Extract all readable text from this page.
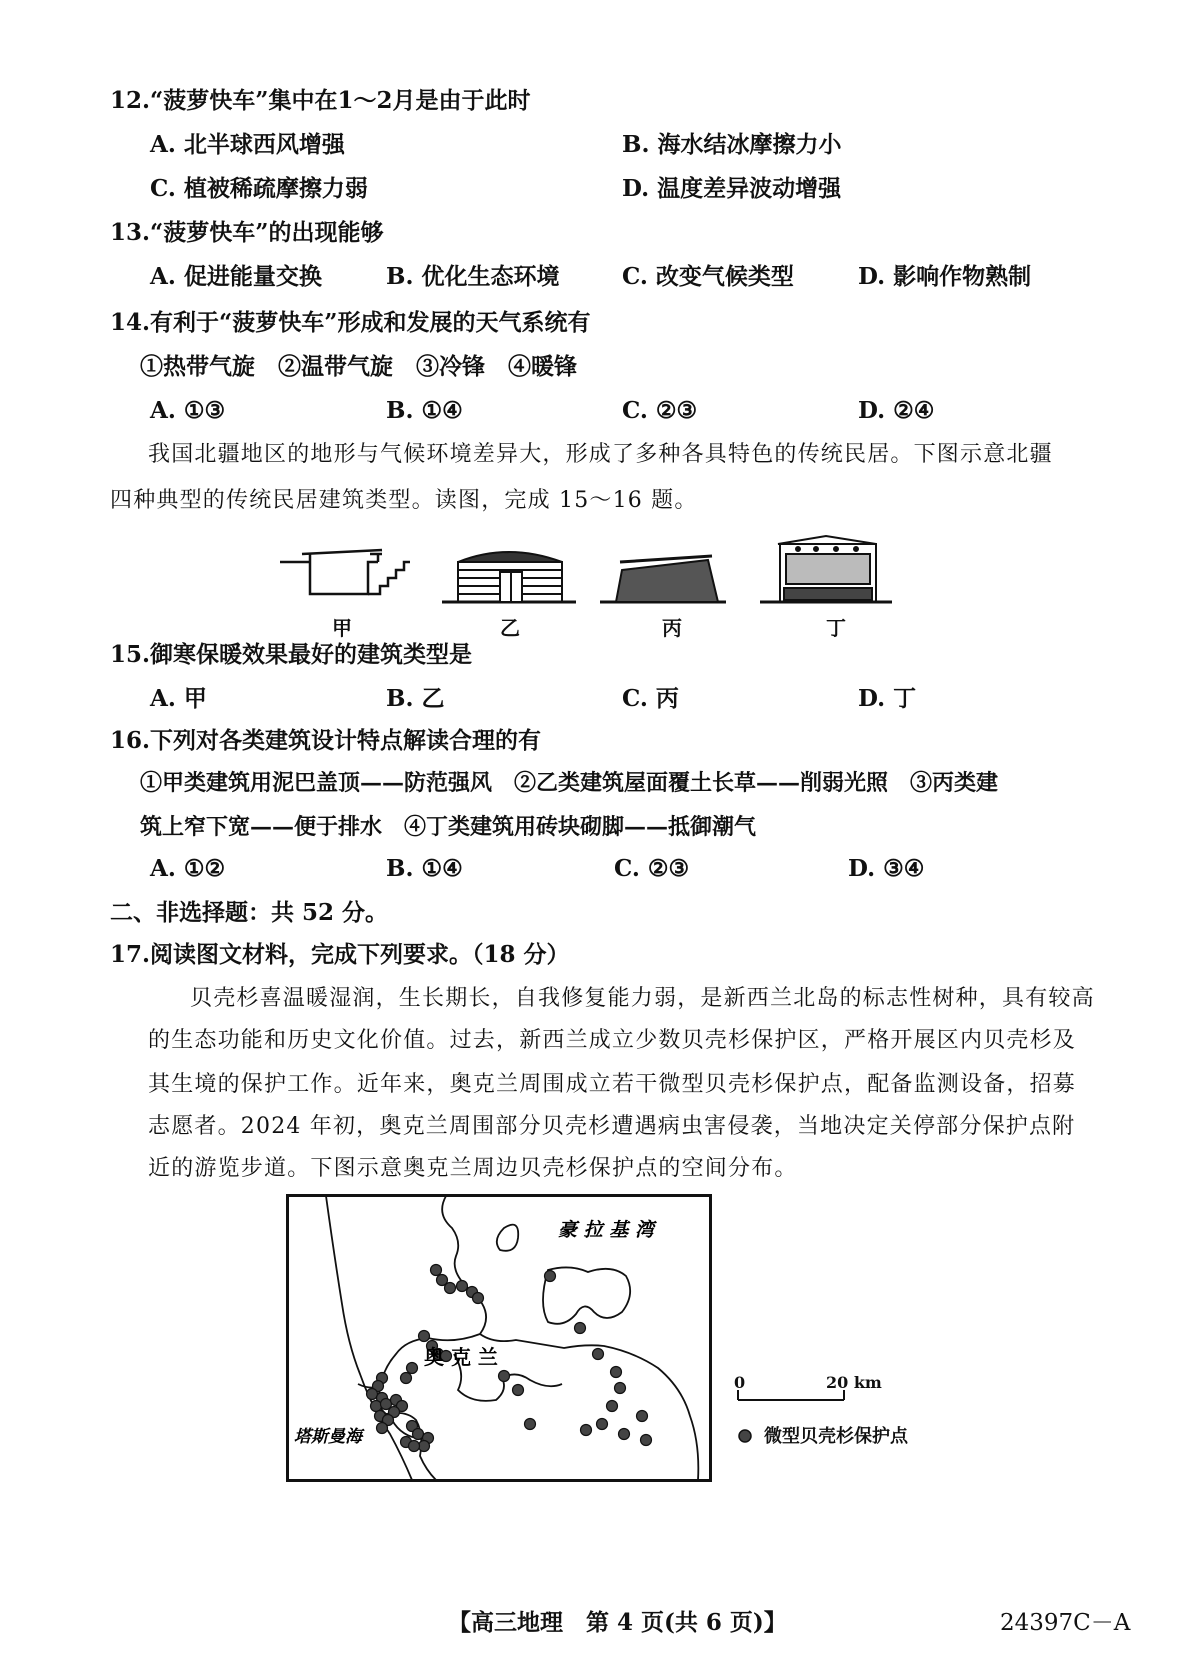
12.“菠萝快车”集中在1～2月是由于此时
A. 北半球西风增强	B. 海水结冰摩擦力小
C. 植被稀疏摩擦力弱	D. 温度差异波动增强
13.“菠萝快车”的出现能够
A. 促进能量交换	B. 优化生态环境	C. 改变气候类型	D. 影响作物熟制
14.有利于“菠萝快车”形成和发展的天气系统有
①热带气旋　②温带气旋　③冷锋　④暖锋
A. ①③	B. ①④	C. ②③	D. ②④
我国北疆地区的地形与气候环境差异大，形成了多种各具特色的传统民居。下图示意北疆
四种典型的传统民居建筑类型。读图，完成 15～16 题。
甲	乙	丙	丁
15.御寒保暖效果最好的建筑类型是
A. 甲	B. 乙	C. 丙	D. 丁
16.下列对各类建筑设计特点解读合理的有
①甲类建筑用泥巴盖顶——防范强风　②乙类建筑屋面覆土长草——削弱光照　③丙类建
筑上窄下宽——便于排水　④丁类建筑用砖块砌脚——抵御潮气
A. ①②	B. ①④	C. ②③	D. ③④
二、非选择题：共 52 分。
17.阅读图文材料，完成下列要求。（18 分）
贝壳杉喜温暖湿润，生长期长，自我修复能力弱，是新西兰北岛的标志性树种，具有较高
的生态功能和历史文化价值。过去，新西兰成立少数贝壳杉保护区，严格开展区内贝壳杉及
其生境的保护工作。近年来，奥克兰周围成立若干微型贝壳杉保护点，配备监测设备，招募
志愿者。2024 年初，奥克兰周围部分贝壳杉遭遇病虫害侵袭，当地决定关停部分保护点附
近的游览步道。下图示意奥克兰周边贝壳杉保护点的空间分布。
豪 拉 基 湾
奥 克 兰
塔斯曼海
0	20 km
微型贝壳杉保护点
【高三地理　第 4 页(共 6 页)】	24397C－A
